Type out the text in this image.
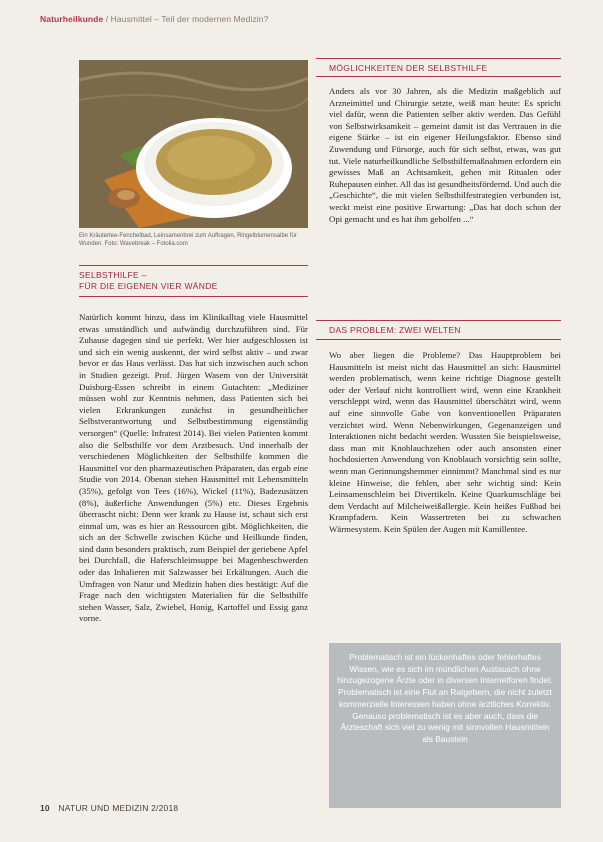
Naturheilkunde / Hausmittel – Teil der modernen Medizin?
Ein Kräutertee-Fenchelbad, Leinsamenbrei zum Auftragen, Ringelblumensalbe für Wunden. Foto: Wavebreak – Fotolia.com
SELBSTHILFE –
FÜR DIE EIGENEN VIER WÄNDE

Natürlich kommt hinzu, dass im Klinikalltag viele Hausmittel etwas umständlich und aufwändig durchzuführen sind. Für Zuhause dagegen sind sie perfekt. Wer hier aufgeschlossen ist und sich ein wenig auskennt, der wird selbst aktiv – und zwar bevor er das Haus verlässt. Das hat sich inzwischen auch schon in Studien gezeigt. Prof. Jürgen Wasem von der Universität Duisburg-Essen schreibt in einem Gutachten: „Mediziner müssen wohl zur Kenntnis nehmen, dass Patienten sich bei vielen Erkrankungen zunächst in gesundheitlicher Selbstverantwortung und Selbstbestimmung eigenständig versorgen“ (Quelle: Infratest 2014). Bei vielen Patienten kommt also die Selbsthilfe vor dem Arztbesuch. Und innerhalb der verschiedenen Möglichkeiten der Selbsthilfe kommen die Hausmittel vor den pharmazeutischen Präparaten, das ergab eine Studie von 2014. Obenan stehen Hausmittel mit Lebensmitteln (35%), gefolgt von Tees (16%), Wickel (11%), Badezusätzen (8%), äußerliche Anwendungen (5%) etc. Dieses Ergebnis überrascht nicht: Denn wer krank zu Hause ist, schaut sich erst einmal um, was es hier an Ressourcen gibt. Möglichkeiten, die sich an der Schwelle zwischen Küche und Heilkunde finden, sind dann besonders praktisch, zum Beispiel der geriebene Apfel bei Durchfall, die Haferschleimsuppe bei Magenbeschwerden oder das Inhalieren mit Salzwasser bei Erkältungen. Auch die Umfragen von Natur und Medizin haben dies bestätigt: Auf die Frage nach den wichtigsten Materialien für die Selbsthilfe stehen Wasser, Salz, Zwiebel, Honig, Kartoffel und Essig ganz vorne.

MÖGLICHKEITEN DER SELBSTHILFE

Anders als vor 30 Jahren, als die Medizin maßgeblich auf Arzneimittel und Chirurgie setzte, weiß man heute: Es spricht viel dafür, wenn die Patienten selber aktiv werden. Das Gefühl von Selbstwirksamkeit – gemeint damit ist das Vertrauen in die eigene Stärke – ist ein eigener Heilungsfaktor. Ebenso sind Zuwendung und Fürsorge, auch für sich selbst, etwas, was gut tut. Viele naturheilkundliche Selbsthilfemaßnahmen erfordern ein gewisses Maß an Achtsamkeit, gehen mit Ritualen oder Ruhepausen einher. All das ist gesundheitsfördernd. Und auch die „Geschichte“, die mit vielen Selbsthilfestrategien verbunden ist, weckt meist eine positive Erwartung: „Das hat doch schon der Opi gemacht und es hat ihm geholfen ...“

DAS PROBLEM: ZWEI WELTEN

Wo aber liegen die Probleme? Das Hauptproblem bei Hausmitteln ist meist nicht das Hausmittel an sich: Hausmittel werden problematisch, wenn keine richtige Diagnose gestellt oder der Verlauf nicht kontrolliert wird, wenn eine Krankheit verschleppt wird, wenn das Hausmittel überschätzt wird, wenn auf eine sinnvolle Gabe von konventionellen Präparaten verzichtet wird. Wenn Nebenwirkungen, Gegenanzeigen und Interaktionen nicht bedacht werden. Wussten Sie beispielsweise, dass man mit Knoblauchzehen oder auch ansonsten einer hochdosierten Anwendung von Knoblauch vorsichtig sein sollte, wenn man Gerinnungshemmer einnimmt? Manchmal sind es nur kleine Hinweise, die fehlen, aber sehr wichtig sind: Kein Leinsamenschleim bei Divertikeln. Keine Quarkumschläge bei dem Verdacht auf Milcheiweißallergie. Kein heißes Fußbad bei Krampfadern. Kein Wassertreten bei zu schwachen Wärmesystem. Kein Spülen der Augen mit Kamillentee.

Problematisch ist ein lückenhaftes oder fehlerhaftes Wissen, wie es sich im mündlichen Austausch ohne hinzugezogene Ärzte oder in diversen Internetforen findet. Problematisch ist eine Flut an Ratgebern, die nicht zuletzt kommerzielle Interessen haben ohne ärztliches Korrektiv. Genauso problematisch ist es aber auch, dass die Ärzteschaft sich viel zu wenig mit sinnvollen Hausmitteln als Baustein
10 NATUR UND MEDIZIN 2/2018
